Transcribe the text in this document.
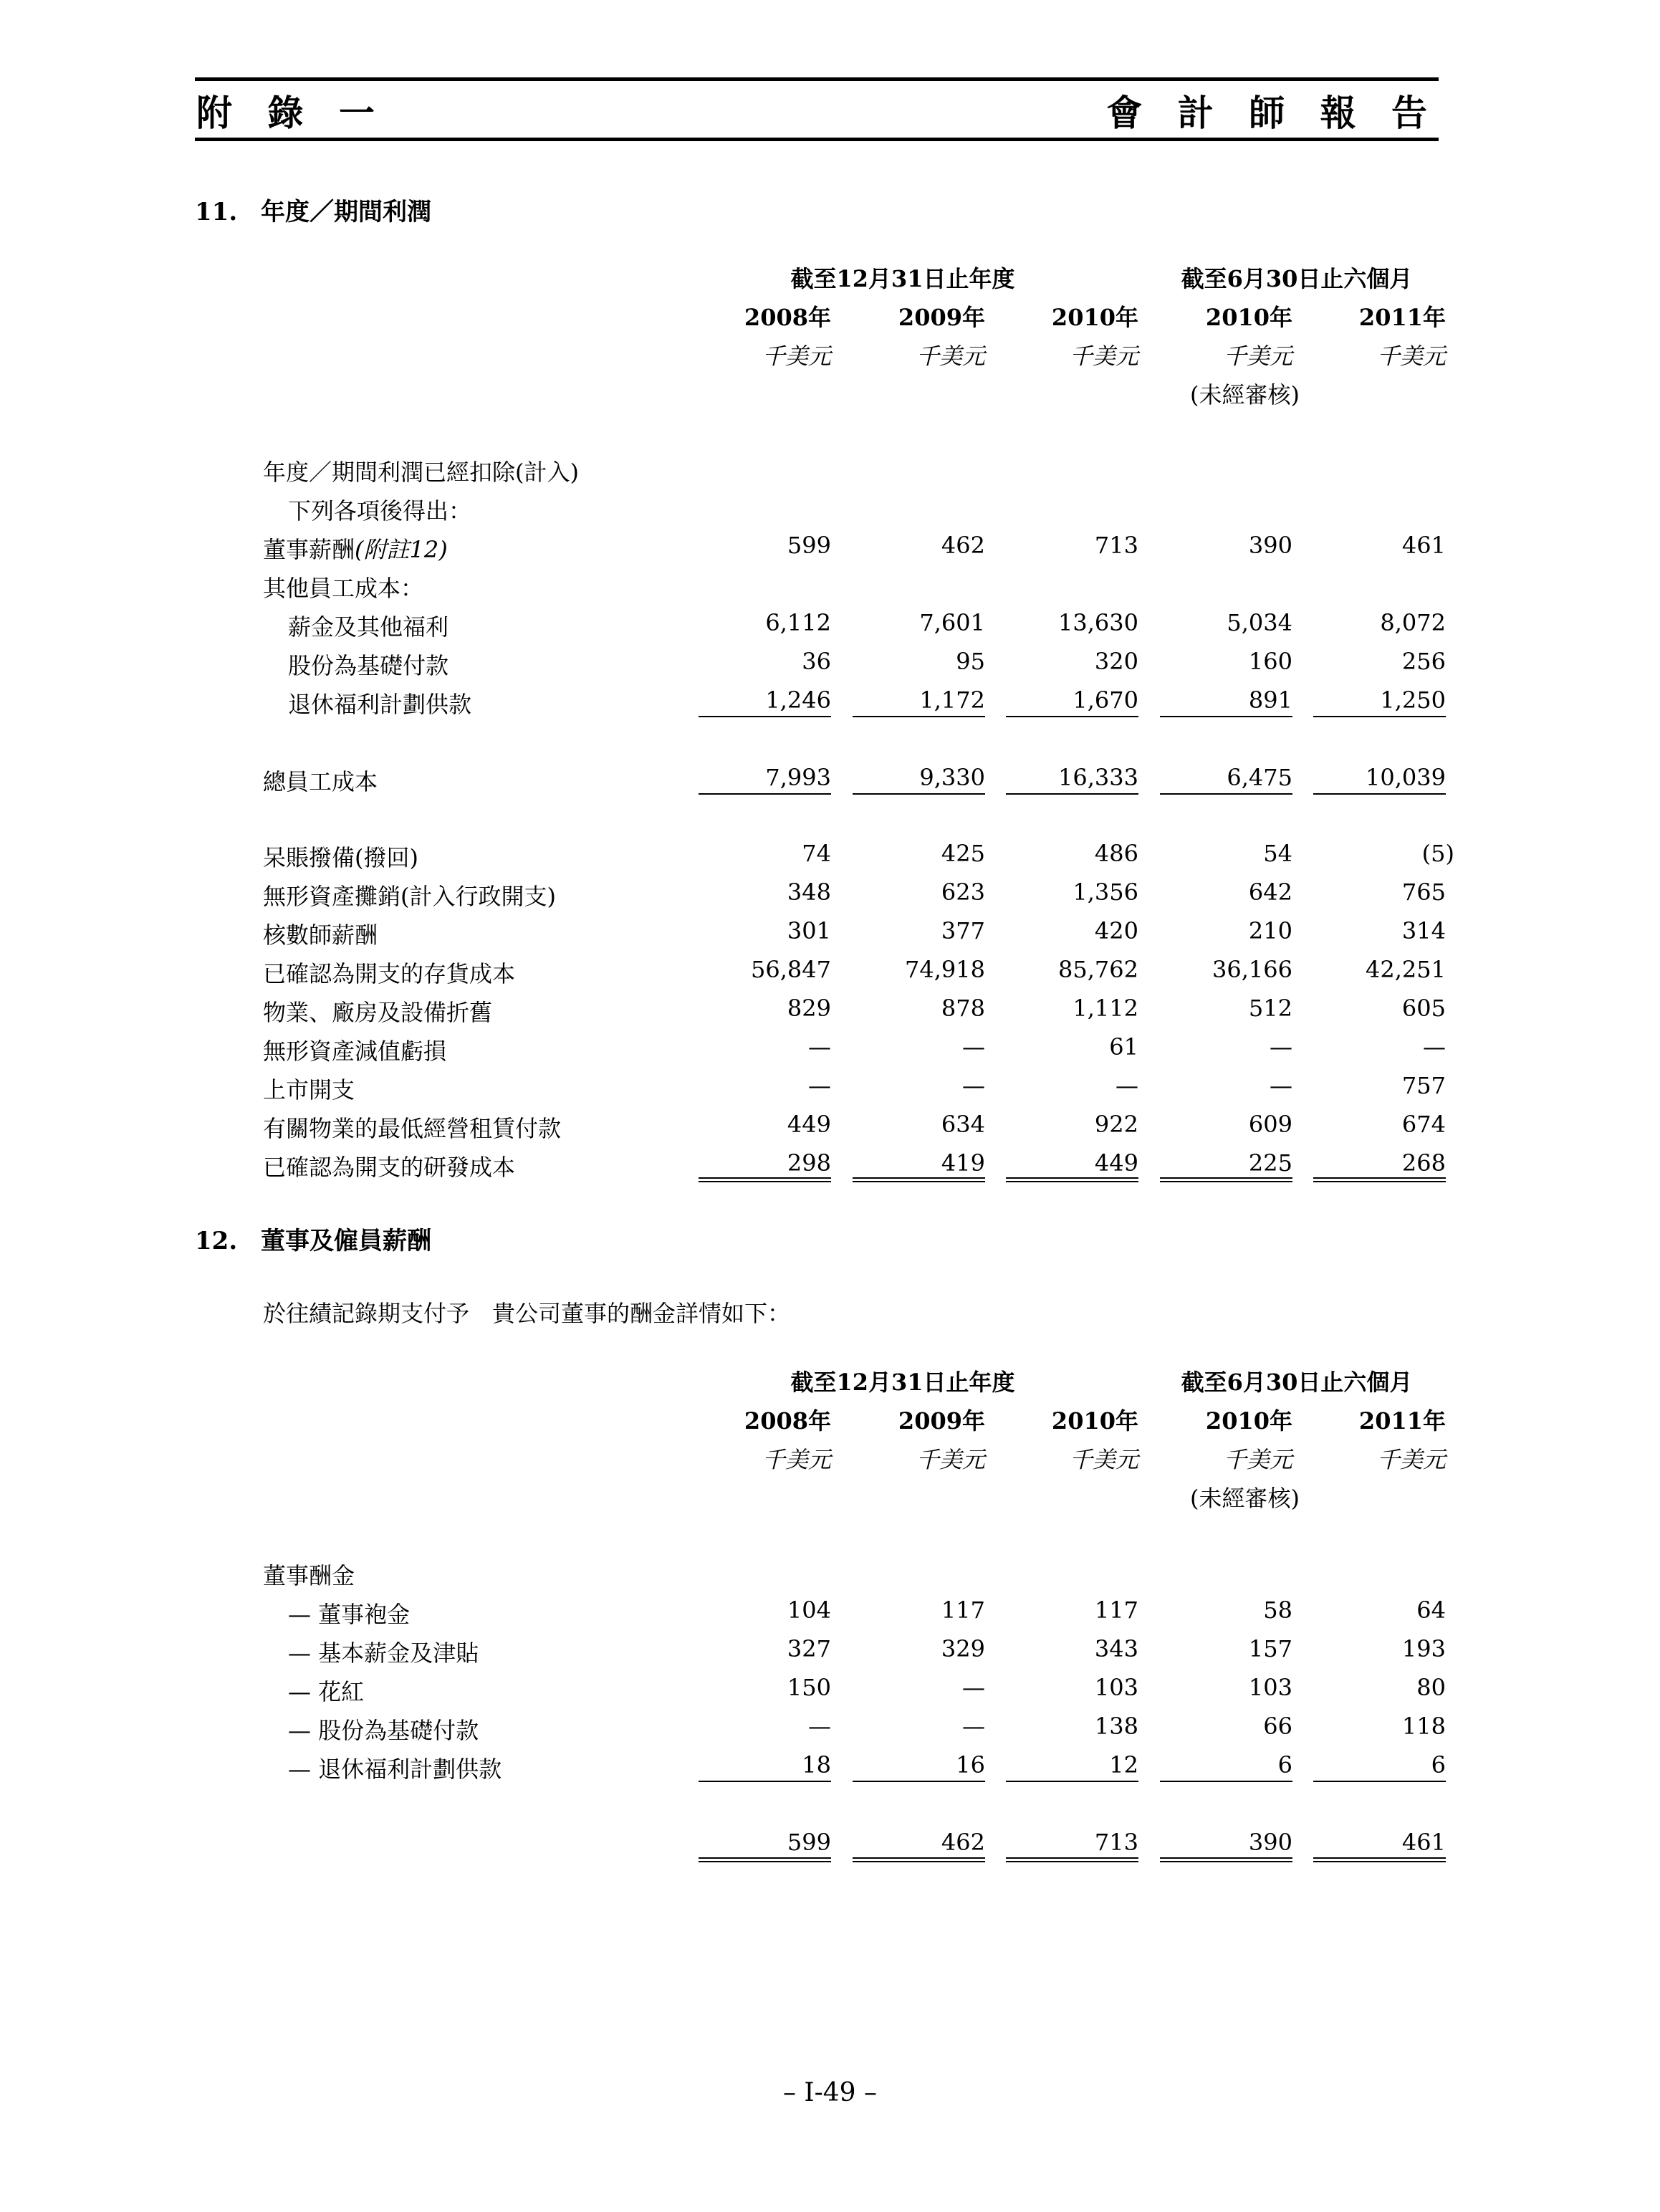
附 錄 一	會 計 師 報 告
11. 年度／期間利潤
截至12月31日止年度	截至6月30日止六個月
2008年	2009年	2010年	2010年	2011年
千美元	千美元	千美元	千美元	千美元
(未經審核)
年度／期間利潤已經扣除(計入)
下列各項後得出：
董事薪酬(附註12)	599	462	713	390	461
其他員工成本：
薪金及其他福利	6,112	7,601	13,630	5,034	8,072
股份為基礎付款	36	95	320	160	256
退休福利計劃供款	1,246	1,172	1,670	891	1,250
總員工成本	7,993	9,330	16,333	6,475	10,039
呆賬撥備(撥回)	74	425	486	54	(5)
無形資產攤銷(計入行政開支)	348	623	1,356	642	765
核數師薪酬	301	377	420	210	314
已確認為開支的存貨成本	56,847	74,918	85,762	36,166	42,251
物業、廠房及設備折舊	829	878	1,112	512	605
無形資產減值虧損	—	—	61	—	—
上市開支	—	—	—	—	757
有關物業的最低經營租賃付款	449	634	922	609	674
已確認為開支的研發成本	298	419	449	225	268
12. 董事及僱員薪酬
於往績記錄期支付予　貴公司董事的酬金詳情如下：
截至12月31日止年度	截至6月30日止六個月
2008年	2009年	2010年	2010年	2011年
千美元	千美元	千美元	千美元	千美元
(未經審核)
董事酬金
— 董事袍金	104	117	117	58	64
— 基本薪金及津貼	327	329	343	157	193
— 花紅	150	—	103	103	80
— 股份為基礎付款	—	—	138	66	118
— 退休福利計劃供款	18	16	12	6	6
599	462	713	390	461
– I-49 –
